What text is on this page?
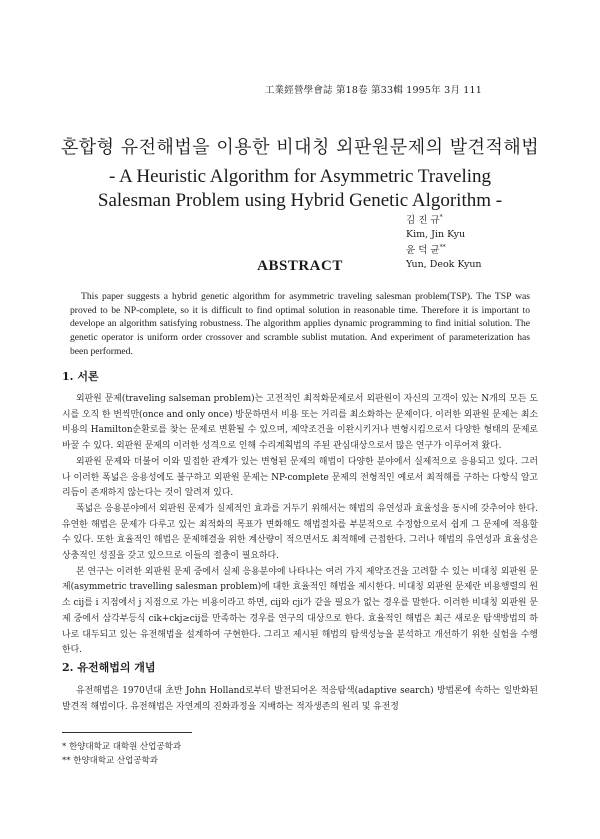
工業經營學會誌 第18卷 第33輯 1995年 3月 111
혼합형 유전해법을 이용한 비대칭 외판원문제의 발견적해법

- A Heuristic Algorithm for Asymmetric Traveling

Salesman Problem using Hybrid Genetic Algorithm -

김 진 규*
Kim, Jin Kyu
윤 덕 균**
Yun, Deok Kyun
ABSTRACT

This paper suggests a hybrid genetic algorithm for asymmetric traveling salesman problem(TSP). The TSP was proved to be NP-complete, so it is difficult to find optimal solution in reasonable time. Therefore it is important to develope an algorithm satisfying robustness. The algorithm applies dynamic programming to find initial solution. The genetic operator is uniform order crossover and scramble sublist mutation. And experiment of parameterization has been performed.

1. 서론

외판원 문제(traveling salseman problem)는 고전적인 최적화문제로서 외판원이 자신의 고객이 있는 N개의 모든 도시를 오직 한 번씩만(once and only once) 방문하면서 비용 또는 거리를 최소화하는 문제이다. 이러한 외판원 문제는 최소비용의 Hamilton순환로를 찾는 문제로 변환될 수 있으며, 제약조건을 이완시키거나 변형시킴으로서 다양한 형태의 문제로 바꿀 수 있다. 외판원 문제의 이러한 성격으로 인해 수리계획법의 주된 관심대상으로서 많은 연구가 이루어져 왔다.

외판원 문제와 더불어 이와 밀접한 관계가 있는 변형된 문제의 해법이 다양한 분야에서 실제적으로 응용되고 있다. 그러나 이러한 폭넓은 응용성에도 불구하고 외판원 문제는 NP-complete 문제의 전형적인 예로서 최적해를 구하는 다항식 알고리듬이 존재하지 않는다는 것이 알려져 있다.

폭넓은 응용분야에서 외판원 문제가 실제적인 효과를 거두기 위해서는 해법의 유연성과 효율성을 동시에 갖추어야 한다. 유연한 해법은 문제가 다루고 있는 최적화의 목표가 변화해도 해법절차를 부분적으로 수정함으로서 쉽게 그 문제에 적용할 수 있다. 또한 효율적인 해법은 문제해결을 위한 계산량이 적으면서도 최적해에 근접한다. 그러나 해법의 유연성과 효율성은 상충적인 성질을 갖고 있으므로 이들의 절충이 필요하다.

본 연구는 이러한 외판원 문제 중에서 실제 응용분야에 나타나는 여러 가지 제약조건을 고려할 수 있는 비대칭 외판원 문제(asymmetric travelling salesman problem)에 대한 효율적인 해법을 제시한다. 비대칭 외판원 문제란 비용행렬의 원소 cij를 i 지점에서 j 지점으로 가는 비용이라고 하면, cij와 cji가 같을 필요가 없는 경우를 말한다. 이러한 비대칭 외판원 문제 중에서 삼각부등식 cik+ckj≥cij를 만족하는 경우를 연구의 대상으로 한다. 효율적인 해법은 최근 새로운 탐색방법의 하나로 대두되고 있는 유전해법을 설계하여 구현한다. 그리고 제시된 해법의 탐색성능을 분석하고 개선하기 위한 실험을 수행한다.

2. 유전해법의 개념

유전해법은 1970년대 초반 John Holland로부터 발전되어온 적응탐색(adaptive search) 방법론에 속하는 일반화된 발견적 해법이다. 유전해법은 자연계의 진화과정을 지배하는 적자생존의 원리 및 유전정

* 한양대학교 대학원 산업공학과
** 한양대학교 산업공학과
